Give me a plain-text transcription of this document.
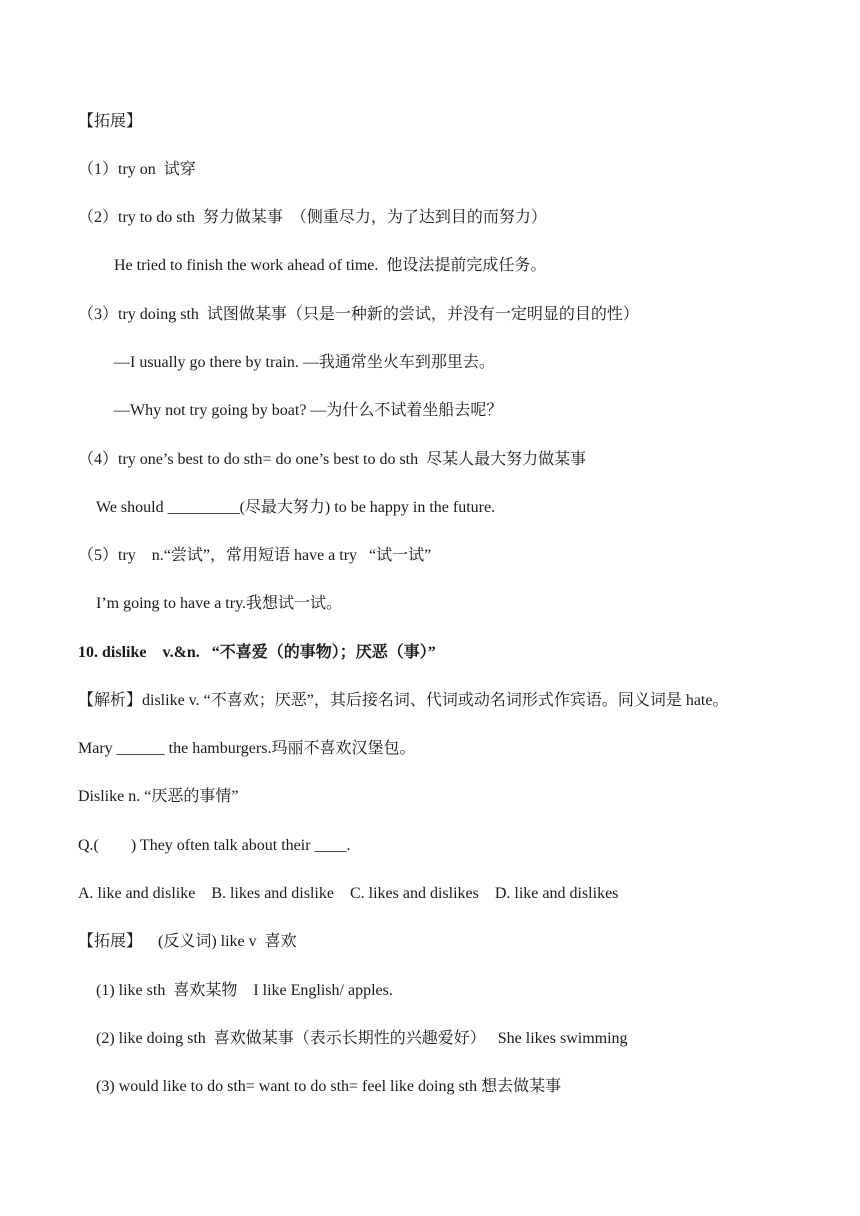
【拓展】
（1）try on  试穿
（2）try to do sth  努力做某事  （侧重尽力，为了达到目的而努力）
He tried to finish the work ahead of time.  他设法提前完成任务。
（3）try doing sth  试图做某事（只是一种新的尝试，并没有一定明显的目的性）
—I usually go there by train. —我通常坐火车到那里去。
—Why not try going by boat? —为什么不试着坐船去呢？
（4）try one’s best to do sth= do one’s best to do sth  尽某人最大努力做某事
We should _________(尽最大努力) to be happy in the future.
（5）try    n.“尝试”，常用短语 have a try   “试一试”
I’m going to have a try.我想试一试。
10. dislike    v.&n.   “不喜爱（的事物）；厌恶（事）”
【解析】dislike v. “不喜欢；厌恶”，其后接名词、代词或动名词形式作宾语。同义词是 hate。
Mary ______ the hamburgers.玛丽不喜欢汉堡包。
Dislike n. “厌恶的事情”
Q.(        ) They often talk about their ____.
A. like and dislike    B. likes and dislike    C. likes and dislikes    D. like and dislikes
【拓展】    (反义词) like v  喜欢
(1) like sth  喜欢某物    I like English/ apples.
(2) like doing sth  喜欢做某事（表示长期性的兴趣爱好）   She likes swimming
(3) would like to do sth= want to do sth= feel like doing sth 想去做某事
